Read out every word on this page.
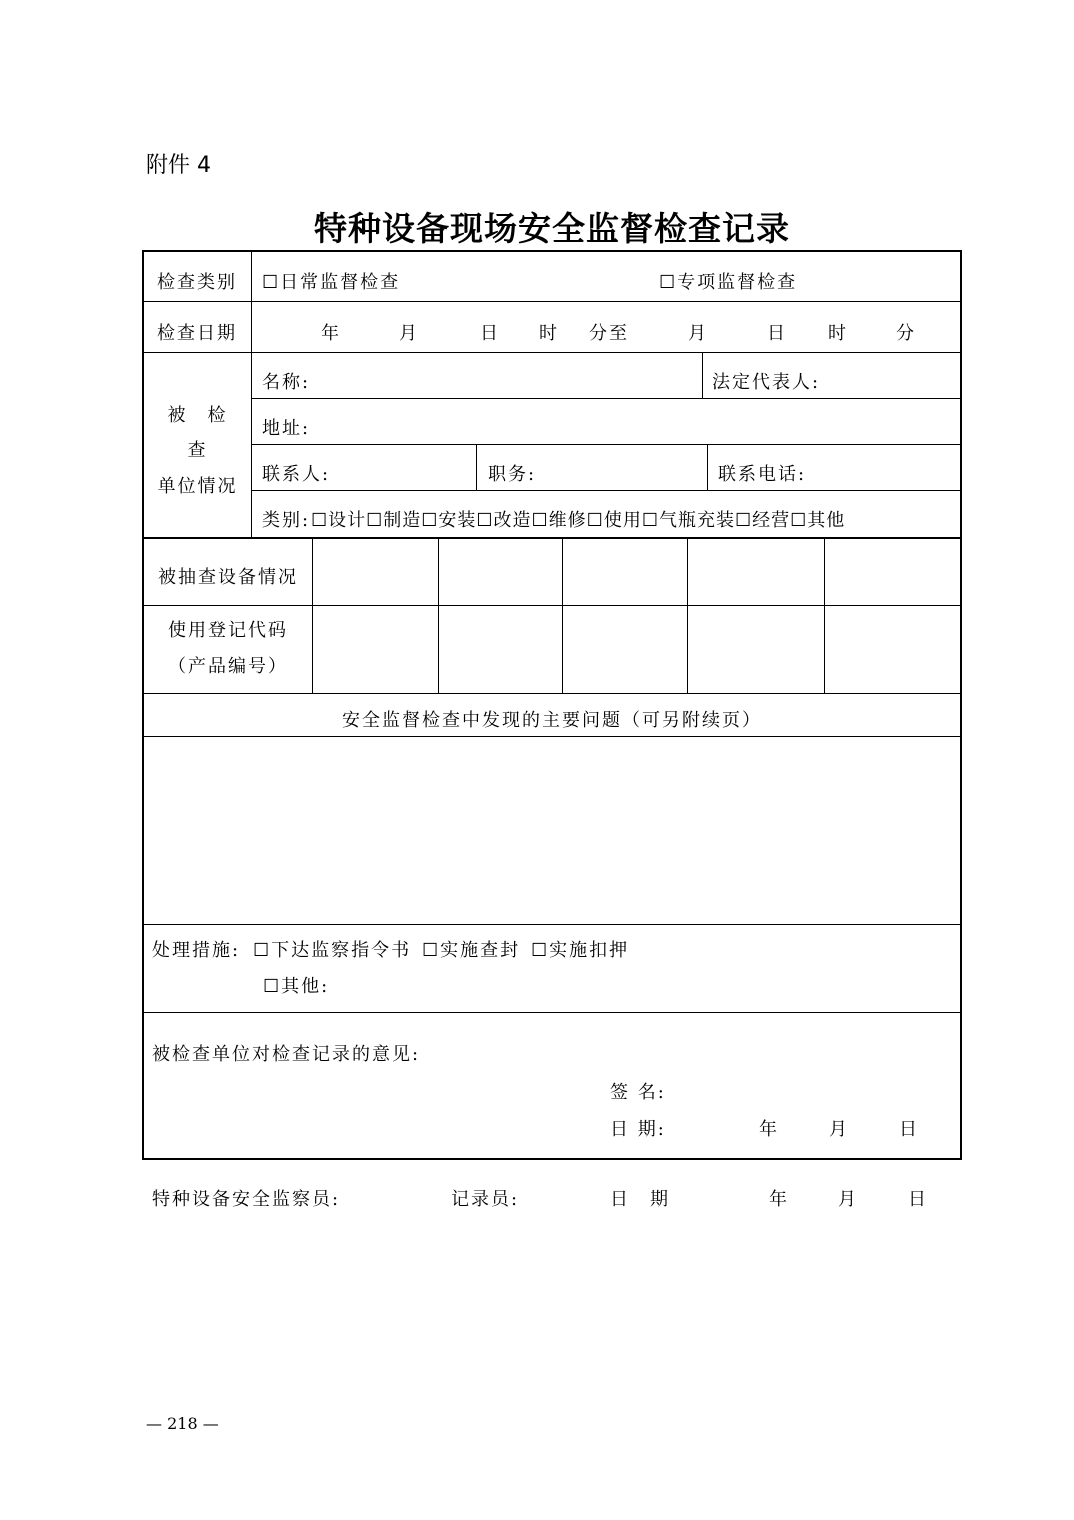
附件 4
特种设备现场安全监督检查记录
检查类别 ☐日常监督检查	☐专项监督检查
检查日期	年	月	日 时 分至	月	日 时	分
被　检
查
单位情况
名称:	法定代表人:
地址:
联系人:	职务:	联系电话:
类别: ☐设计☐制造☐安装☐改造☐维修☐使用☐气瓶充装☐经营☐其他
被抽查设备情况
使用登记代码
（产品编号）
安全监督检查中发现的主要问题（可另附续页）
处理措施: ☐下达监察指令书 ☐实施查封 ☐实施扣押
☐其他:
被检查单位对检查记录的意见:
签 名:
日 期:	年	月	日
特种设备安全监察员:	记录员:	日　期	年	月	日
— 218 —
